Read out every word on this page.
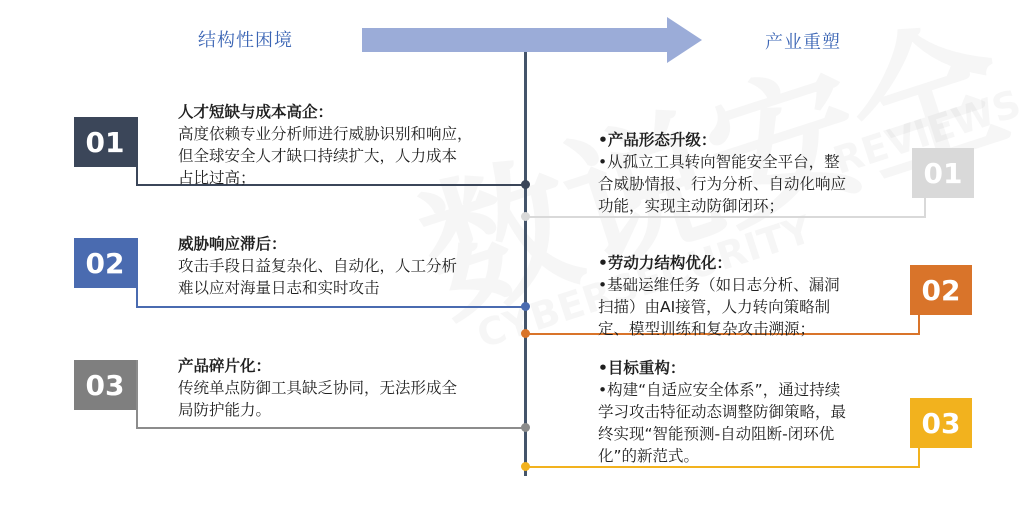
结构性困境	产业重塑
01
人才短缺与成本高企：
高度依赖专业分析师进行威胁识别和响应，
但全球安全人才缺口持续扩大，人力成本
占比过高；
02
威胁响应滞后：
攻击手段日益复杂化、自动化，人工分析
难以应对海量日志和实时攻击
03
产品碎片化：
传统单点防御工具缺乏协同，无法形成全
局防护能力。
01
•产品形态升级：
•从孤立工具转向智能安全平台，整
合威胁情报、行为分析、自动化响应
功能，实现主动防御闭环；
02
•劳动力结构优化：
•基础运维任务（如日志分析、漏洞
扫描）由AI接管，人力转向策略制
定、模型训练和复杂攻击溯源；
03
•目标重构：
•构建“自适应安全体系”，通过持续
学习攻击特征动态调整防御策略，最
终实现“智能预测-自动阻断-闭环优
化”的新范式。
